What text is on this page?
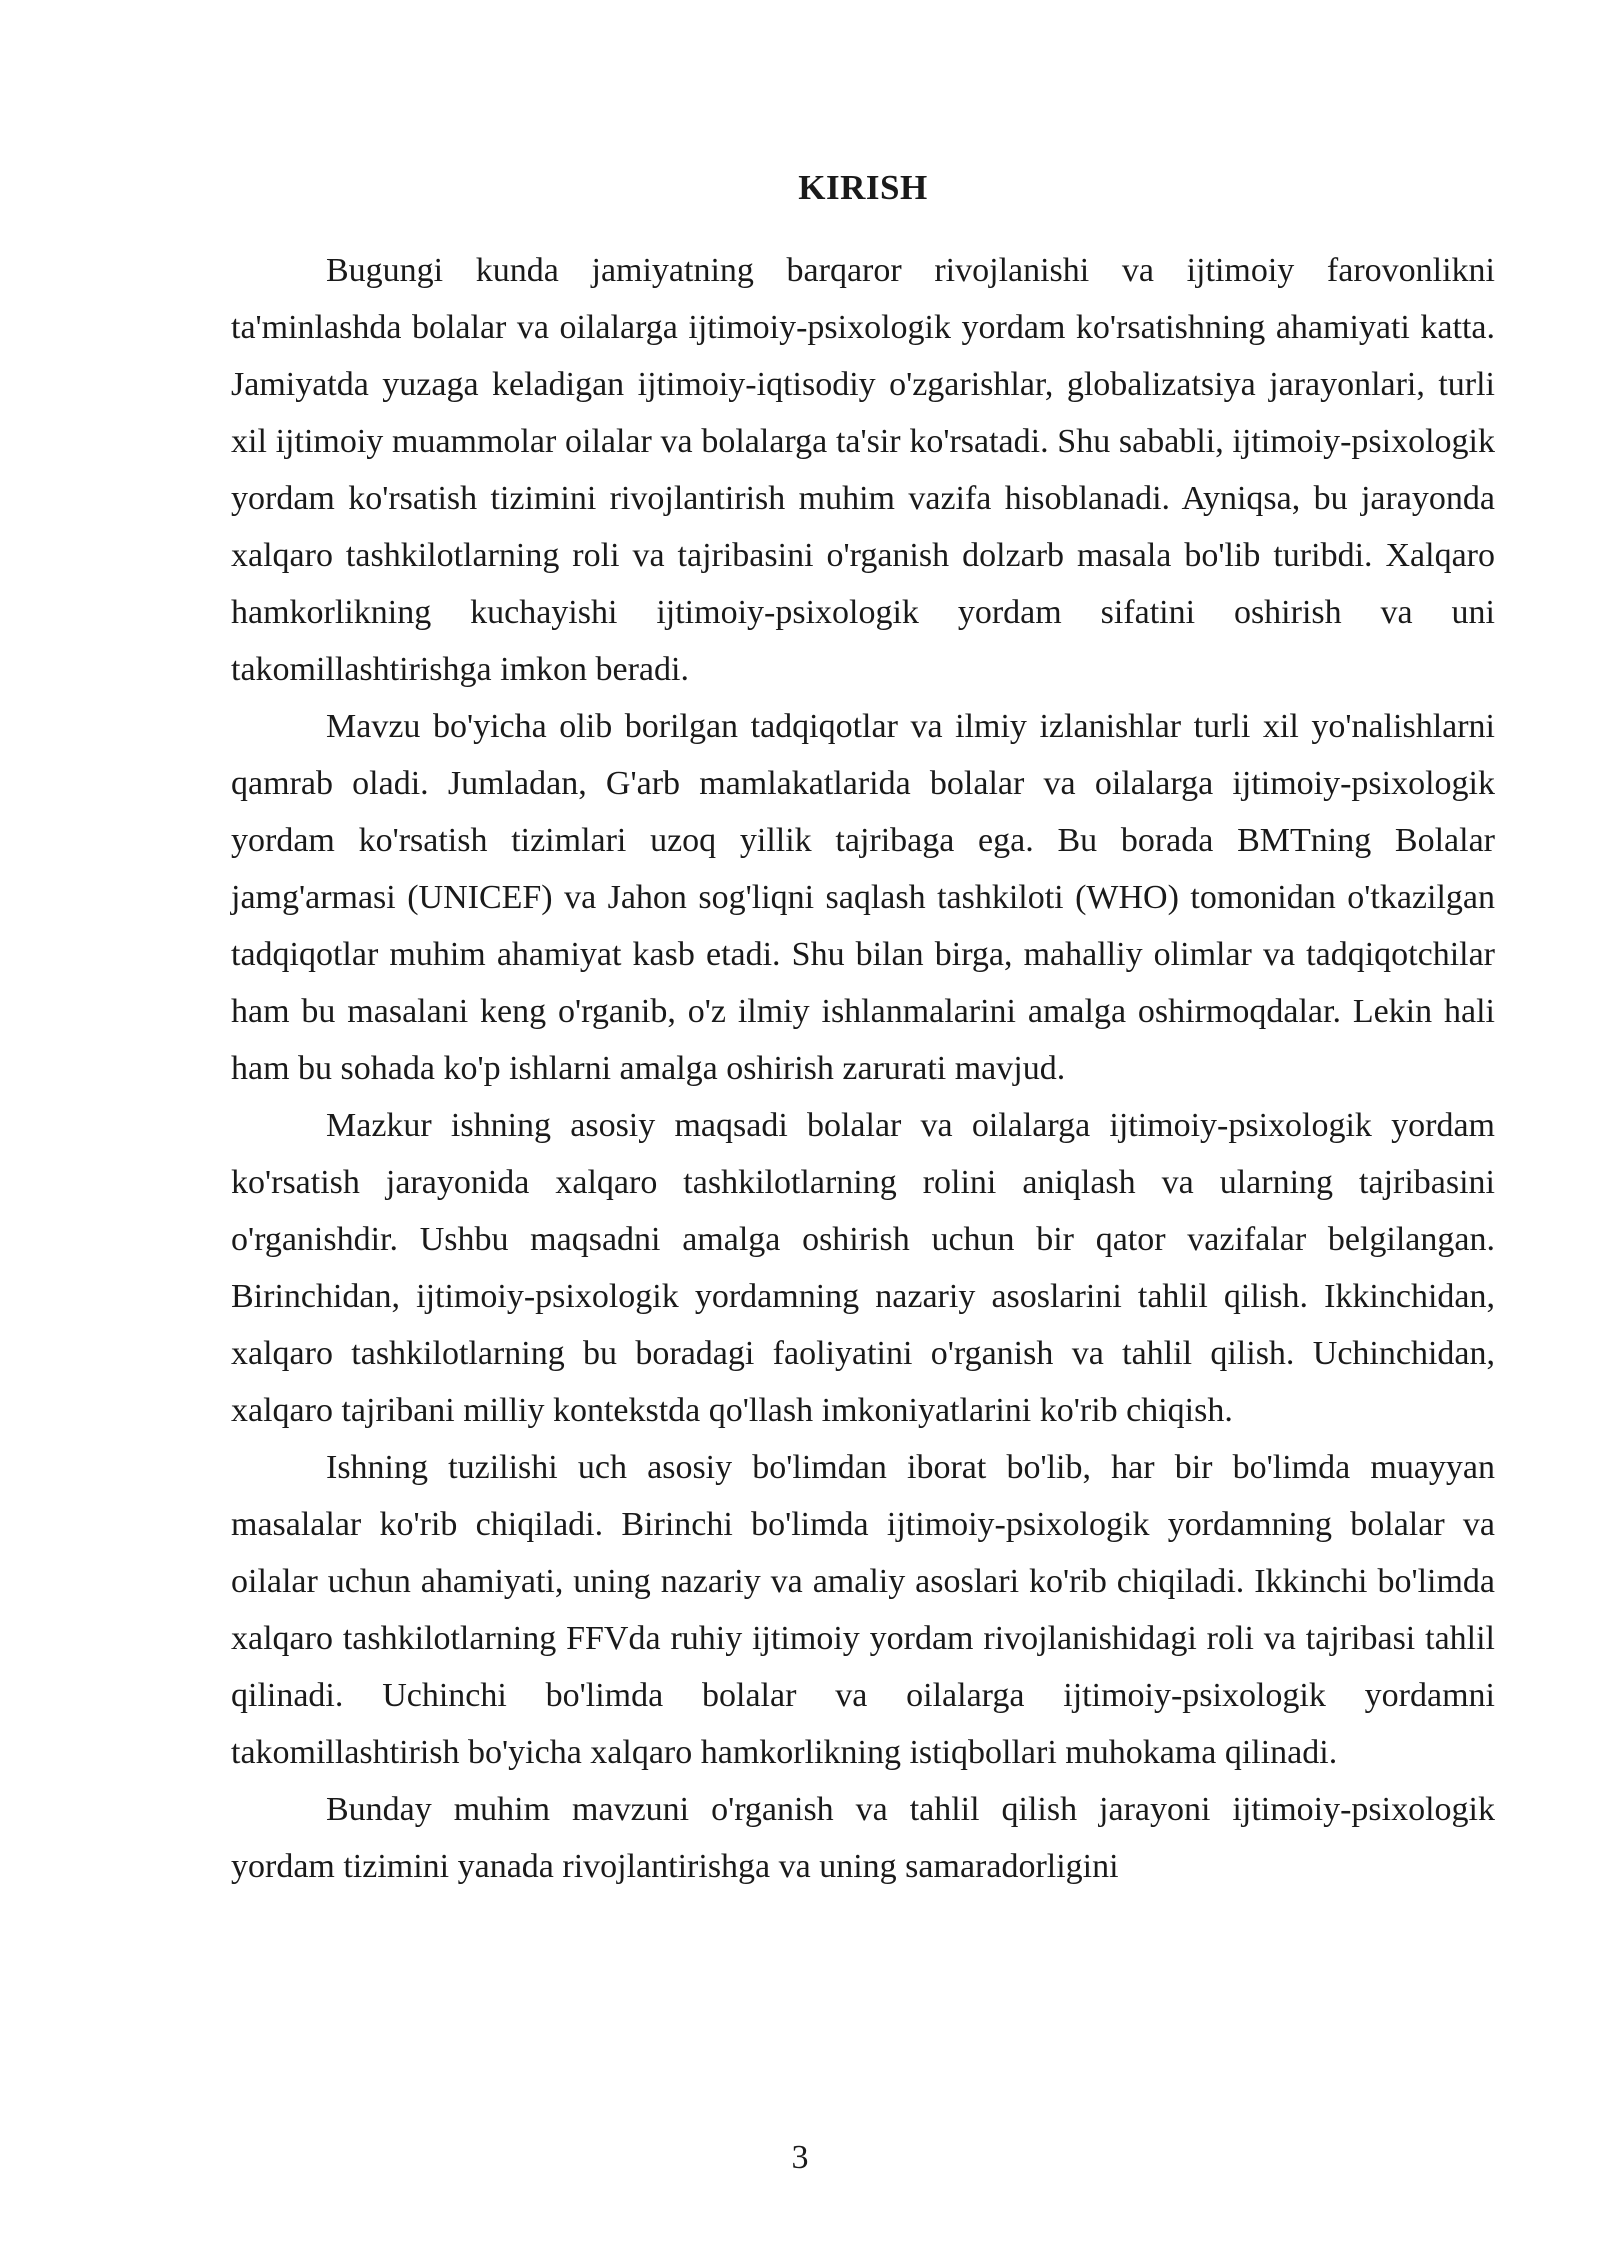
KIRISH

Bugungi kunda jamiyatning barqaror rivojlanishi va ijtimoiy farovonlikni ta'minlashda bolalar va oilalarga ijtimoiy-psixologik yordam ko'rsatishning ahamiyati katta. Jamiyatda yuzaga keladigan ijtimoiy-iqtisodiy o'zgarishlar, globalizatsiya jarayonlari, turli xil ijtimoiy muammolar oilalar va bolalarga ta'sir ko'rsatadi. Shu sababli, ijtimoiy-psixologik yordam ko'rsatish tizimini rivojlantirish muhim vazifa hisoblanadi. Ayniqsa, bu jarayonda xalqaro tashkilotlarning roli va tajribasini o'rganish dolzarb masala bo'lib turibdi. Xalqaro hamkorlikning kuchayishi ijtimoiy-psixologik yordam sifatini oshirish va uni takomillashtirishga imkon beradi.

Mavzu bo'yicha olib borilgan tadqiqotlar va ilmiy izlanishlar turli xil yo'nalishlarni qamrab oladi. Jumladan, G'arb mamlakatlarida bolalar va oilalarga ijtimoiy-psixologik yordam ko'rsatish tizimlari uzoq yillik tajribaga ega. Bu borada BMTning Bolalar jamg'armasi (UNICEF) va Jahon sog'liqni saqlash tashkiloti (WHO) tomonidan o'tkazilgan tadqiqotlar muhim ahamiyat kasb etadi. Shu bilan birga, mahalliy olimlar va tadqiqotchilar ham bu masalani keng o'rganib, o'z ilmiy ishlanmalarini amalga oshirmoqdalar. Lekin hali ham bu sohada ko'p ishlarni amalga oshirish zarurati mavjud.

Mazkur ishning asosiy maqsadi bolalar va oilalarga ijtimoiy-psixologik yordam ko'rsatish jarayonida xalqaro tashkilotlarning rolini aniqlash va ularning tajribasini o'rganishdir. Ushbu maqsadni amalga oshirish uchun bir qator vazifalar belgilangan. Birinchidan, ijtimoiy-psixologik yordamning nazariy asoslarini tahlil qilish. Ikkinchidan, xalqaro tashkilotlarning bu boradagi faoliyatini o'rganish va tahlil qilish. Uchinchidan, xalqaro tajribani milliy kontekstda qo'llash imkoniyatlarini ko'rib chiqish.

Ishning tuzilishi uch asosiy bo'limdan iborat bo'lib, har bir bo'limda muayyan masalalar ko'rib chiqiladi. Birinchi bo'limda ijtimoiy-psixologik yordamning bolalar va oilalar uchun ahamiyati, uning nazariy va amaliy asoslari ko'rib chiqiladi. Ikkinchi bo'limda xalqaro tashkilotlarning FFVda ruhiy ijtimoiy yordam rivojlanishidagi roli va tajribasi tahlil qilinadi. Uchinchi bo'limda bolalar va oilalarga ijtimoiy-psixologik yordamni takomillashtirish bo'yicha xalqaro hamkorlikning istiqbollari muhokama qilinadi.

Bunday muhim mavzuni o'rganish va tahlil qilish jarayoni ijtimoiy-psixologik yordam tizimini yanada rivojlantirishga va uning samaradorligini

3
